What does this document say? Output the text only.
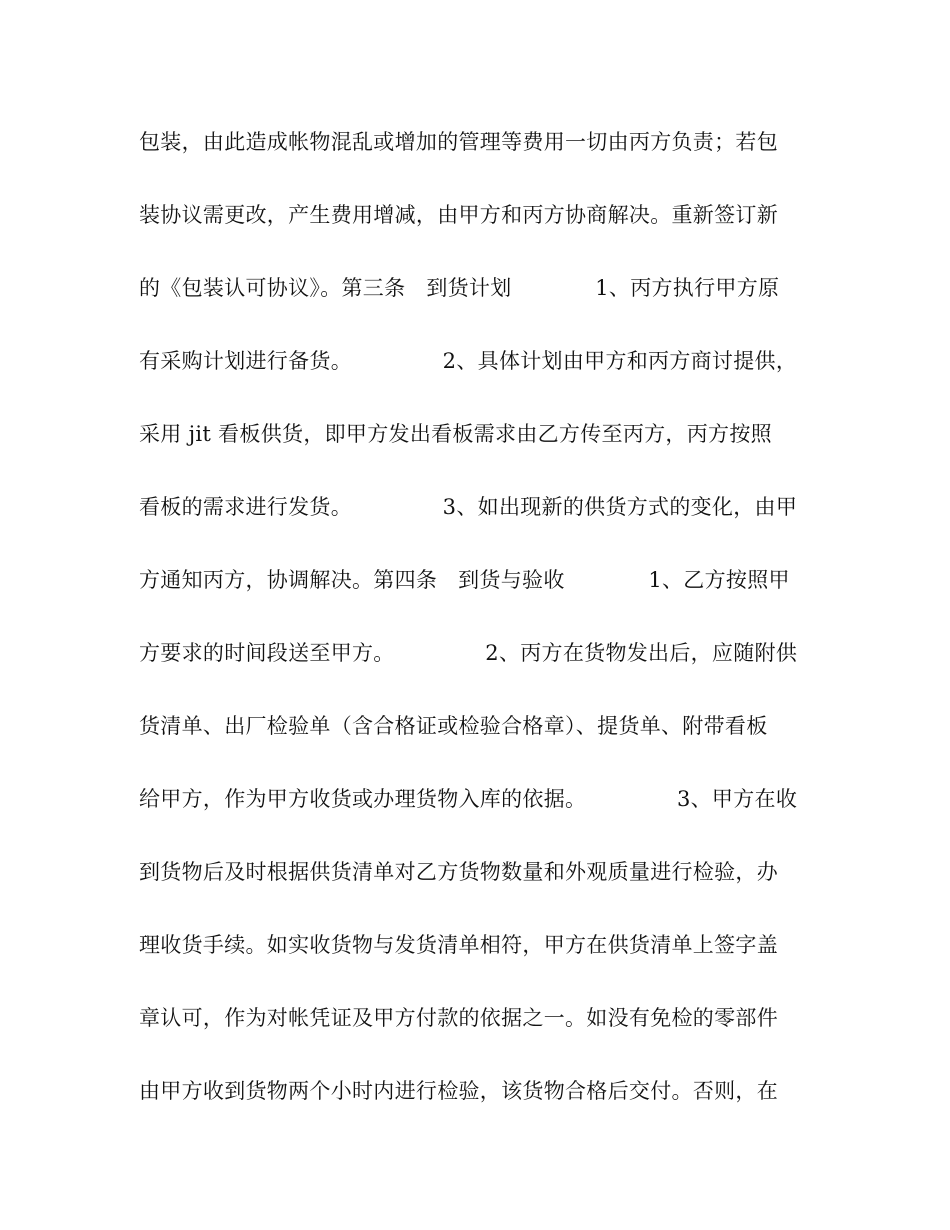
包装，由此造成帐物混乱或增加的管理等费用一切由丙方负责；若包
装协议需更改，产生费用增减，由甲方和丙方协商解决。重新签订新
的《包装认可协议》。第三条   到货计划            1、丙方执行甲方原
有采购计划进行备货。             2、具体计划由甲方和丙方商讨提供，
采用 jit 看板供货，即甲方发出看板需求由乙方传至丙方，丙方按照
看板的需求进行发货。             3、如出现新的供货方式的变化，由甲
方通知丙方，协调解决。第四条   到货与验收            1、乙方按照甲
方要求的时间段送至甲方。             2、丙方在货物发出后，应随附供
货清单、出厂检验单（含合格证或检验合格章）、提货单、附带看板
给甲方，作为甲方收货或办理货物入库的依据。             3、甲方在收
到货物后及时根据供货清单对乙方货物数量和外观质量进行检验，办
理收货手续。如实收货物与发货清单相符，甲方在供货清单上签字盖
章认可，作为对帐凭证及甲方付款的依据之一。如没有免检的零部件
由甲方收到货物两个小时内进行检验，该货物合格后交付。否则，在
